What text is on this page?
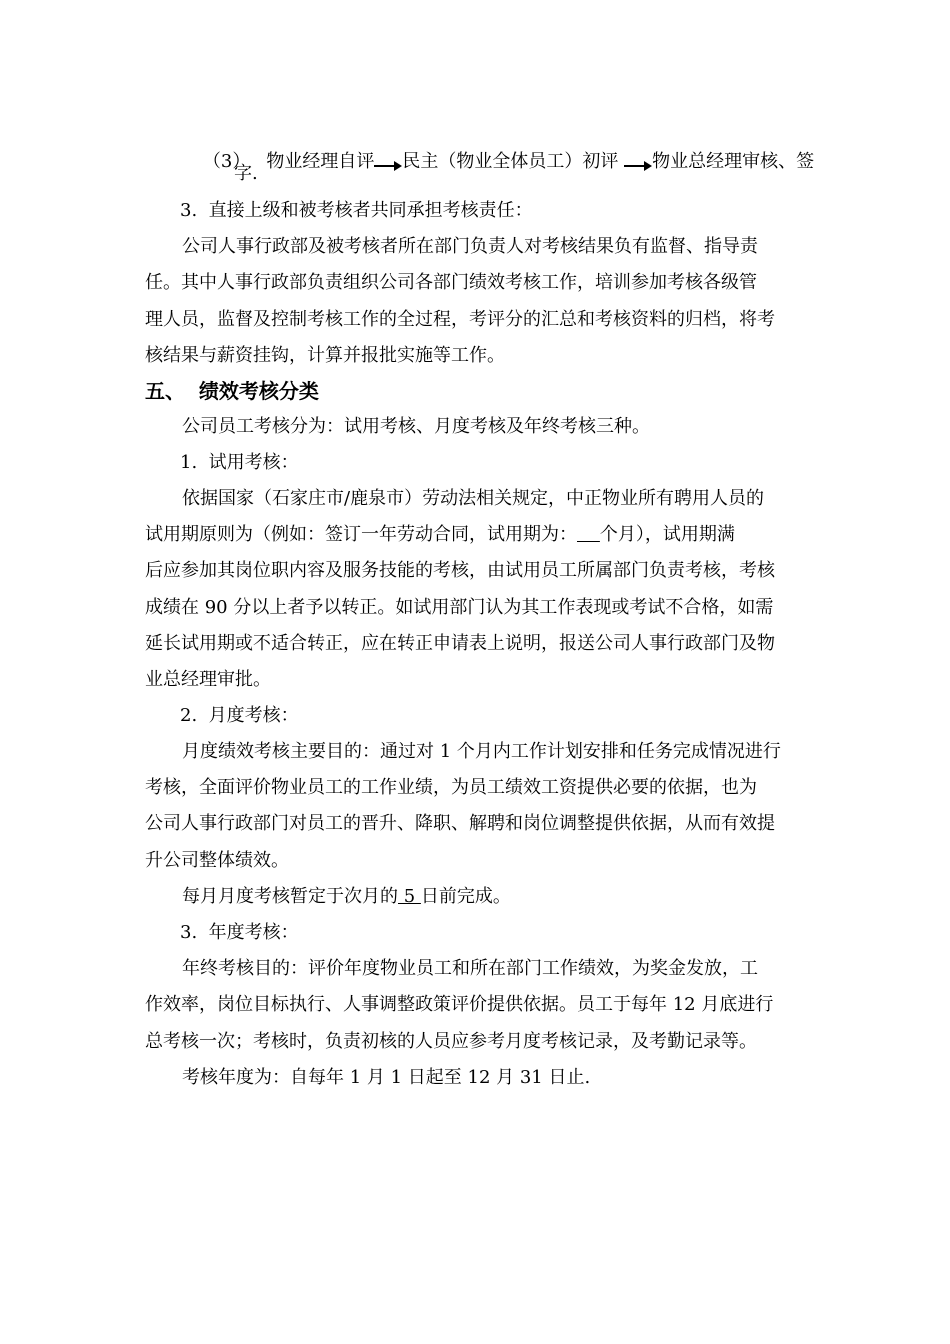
（3） 物业经理自评 民主（物业全体员工）初评 物业总经理审核、签

字.
3.  直接上级和被考核者共同承担考核责任：
公司人事行政部及被考核者所在部门负责人对考核结果负有监督、指导责
任。其中人事行政部负责组织公司各部门绩效考核工作，培训参加考核各级管
理人员，监督及控制考核工作的全过程，考评分的汇总和考核资料的归档，将考
核结果与薪资挂钩，计算并报批实施等工作。
五、  绩效考核分类
公司员工考核分为：试用考核、月度考核及年终考核三种。
1.  试用考核：
依据国家（石家庄市/鹿泉市）劳动法相关规定，中正物业所有聘用人员的
试用期原则为（例如：签订一年劳动合同，试用期为： 个月），试用期满
后应参加其岗位职内容及服务技能的考核，由试用员工所属部门负责考核，考核
成绩在 90 分以上者予以转正。如试用部门认为其工作表现或考试不合格，如需
延长试用期或不适合转正，应在转正申请表上说明，报送公司人事行政部门及物
业总经理审批。
2.  月度考核：
月度绩效考核主要目的：通过对 1 个月内工作计划安排和任务完成情况进行
考核，全面评价物业员工的工作业绩，为员工绩效工资提供必要的依据，也为
公司人事行政部门对员工的晋升、降职、解聘和岗位调整提供依据，从而有效提
升公司整体绩效。
每月月度考核暂定于次月的 5 日前完成。
3.  年度考核：
年终考核目的：评价年度物业员工和所在部门工作绩效，为奖金发放，工
作效率，岗位目标执行、人事调整政策评价提供依据。员工于每年 12 月底进行
总考核一次；考核时，负责初核的人员应参考月度考核记录，及考勤记录等。
考核年度为：自每年 1 月 1 日起至 12 月 31 日止.
